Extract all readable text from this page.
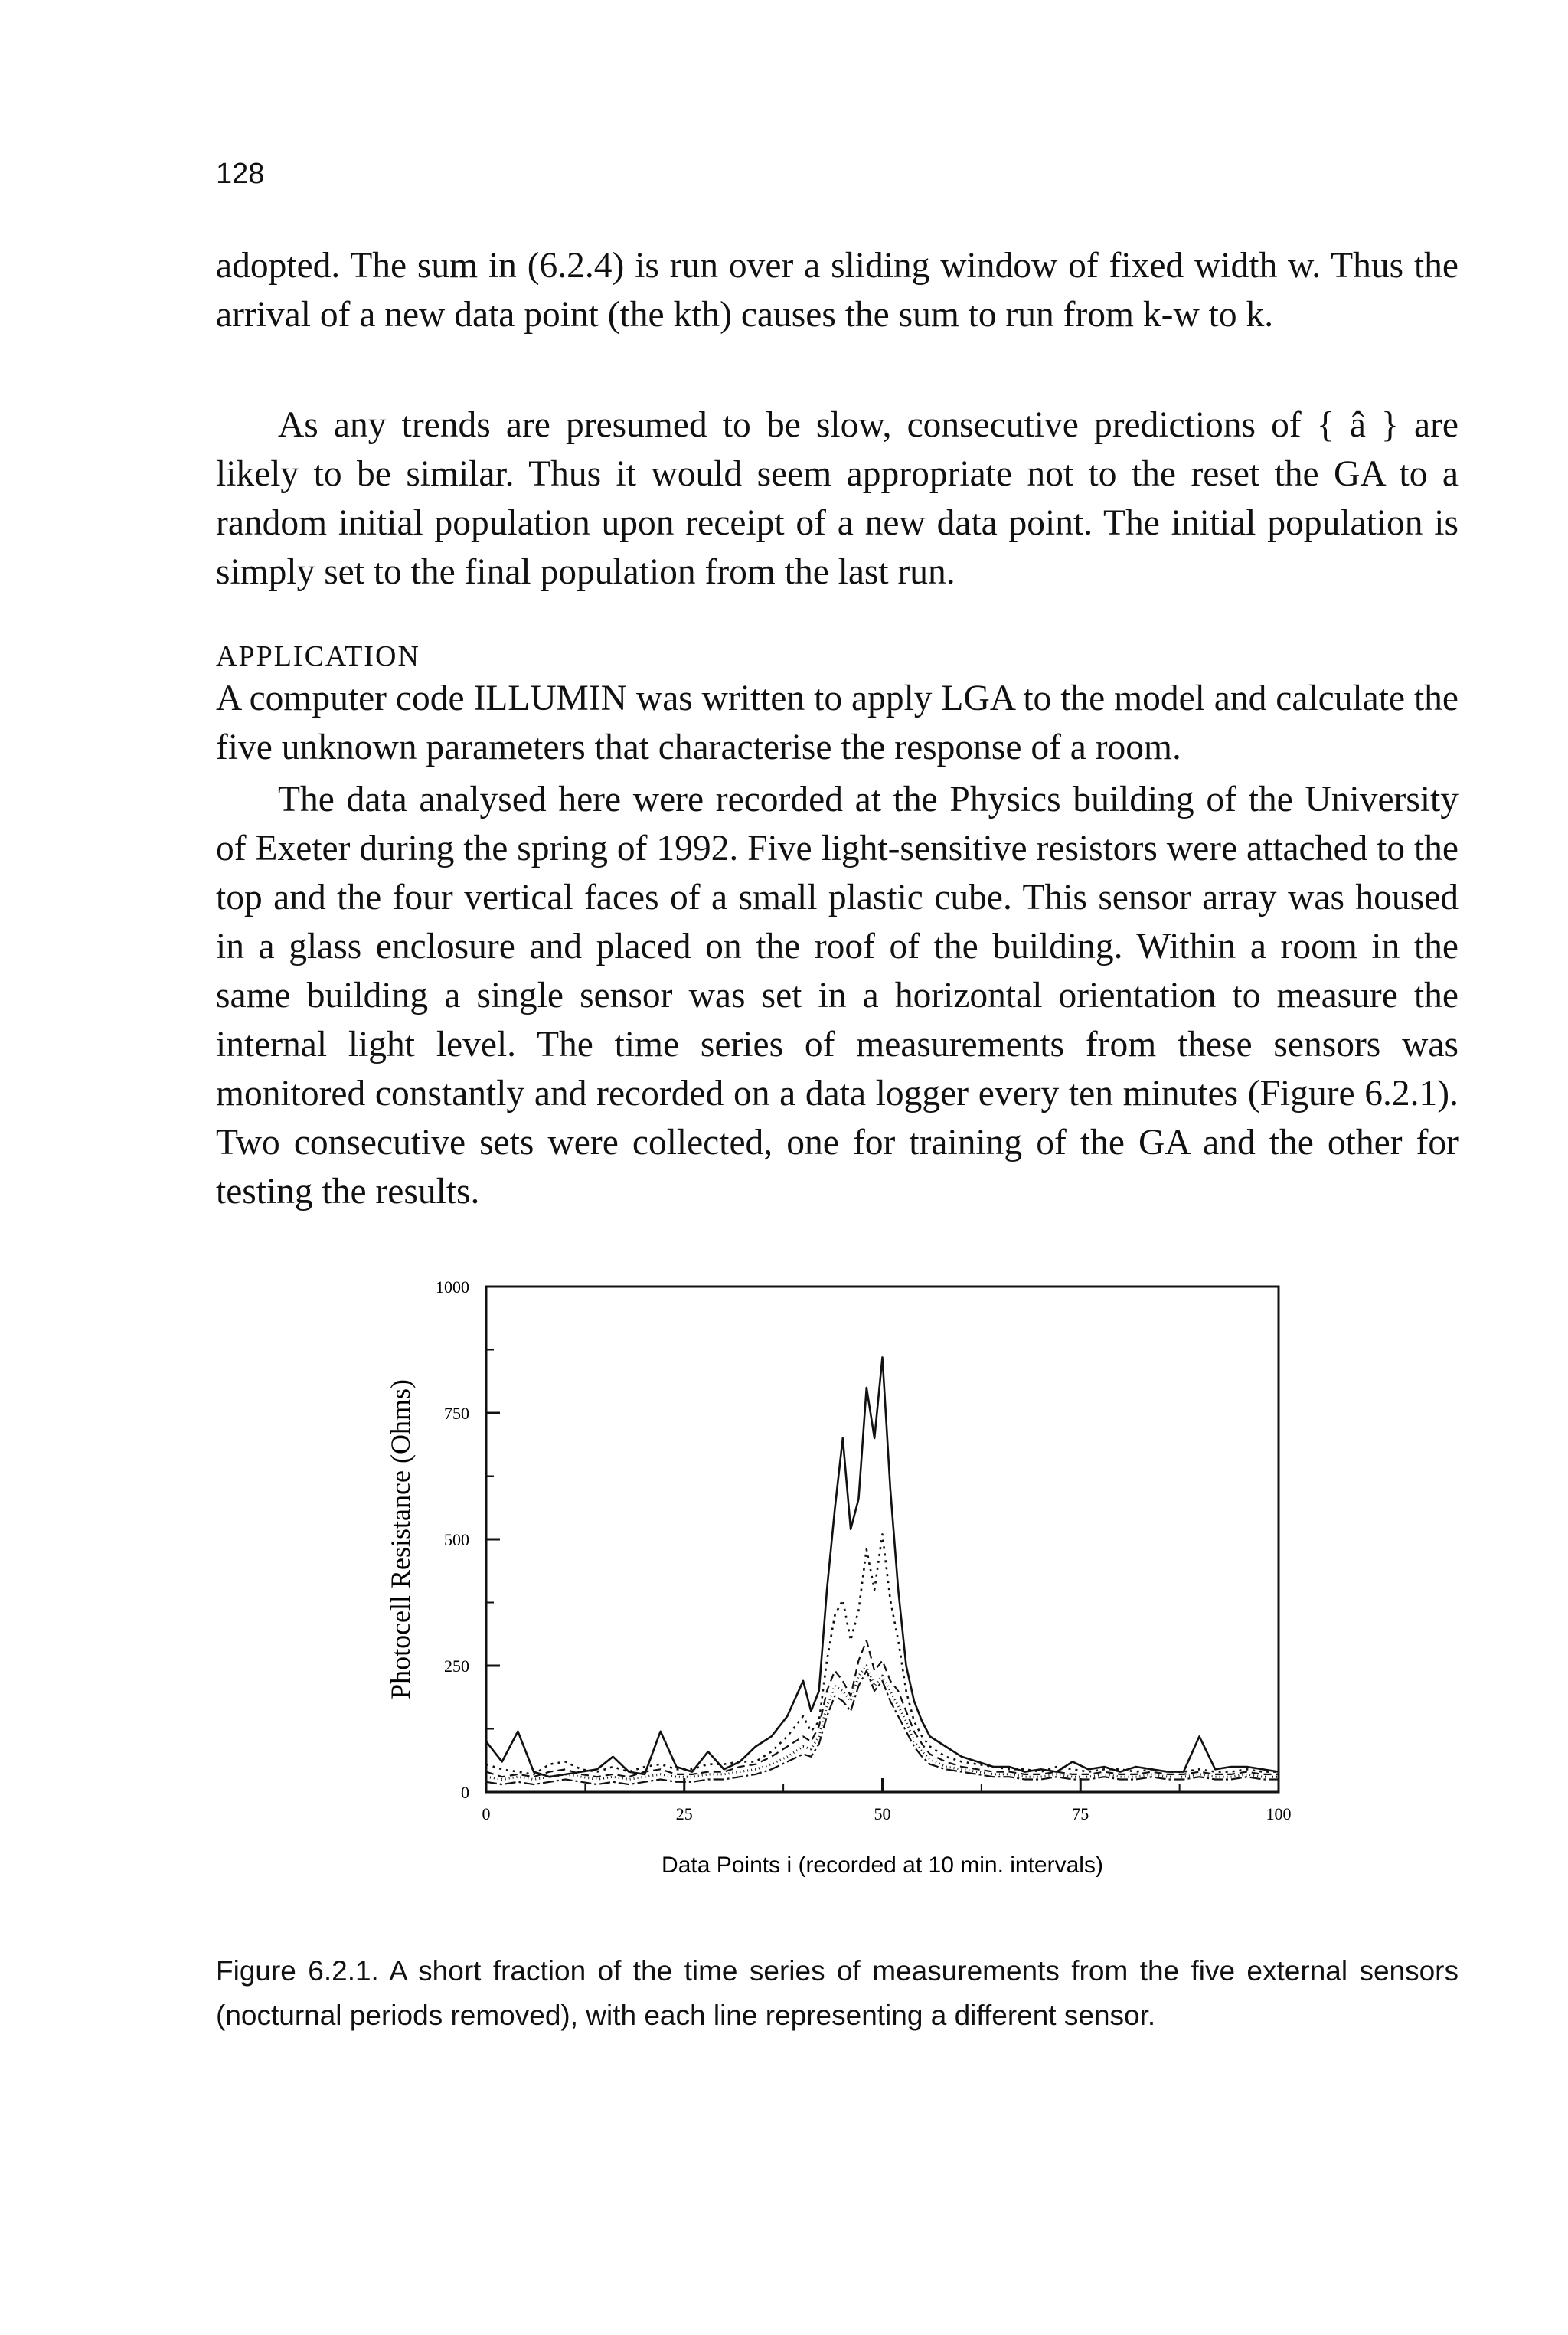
128

adopted. The sum in (6.2.4) is run over a sliding window of fixed width w. Thus the arrival of a new data point (the kth) causes the sum to run from k-w to k.

As any trends are presumed to be slow, consecutive predictions of { â } are likely to be similar. Thus it would seem appropriate not to the reset the GA to a random initial population upon receipt of a new data point. The initial population is simply set to the final population from the last run.

APPLICATION

A computer code ILLUMIN was written to apply LGA to the model and calculate the five unknown parameters that characterise the response of a room.

The data analysed here were recorded at the Physics building of the University of Exeter during the spring of 1992. Five light-sensitive resistors were attached to the top and the four vertical faces of a small plastic cube. This sensor array was housed in a glass enclosure and placed on the roof of the building. Within a room in the same building a single sensor was set in a horizontal orientation to measure the internal light level. The time series of measurements from these sensors was monitored constantly and recorded on a data logger every ten minutes (Figure 6.2.1). Two consecutive sets were collected, one for training of the GA and the other for testing the results.

0
250
500
750
1000
0	25	50	75	100
Data Points i (recorded at 10 min. intervals)
Photocell Resistance (Ohms)

Figure 6.2.1. A short fraction of the time series of measurements from the five external sensors (nocturnal periods removed), with each line representing a different sensor.
